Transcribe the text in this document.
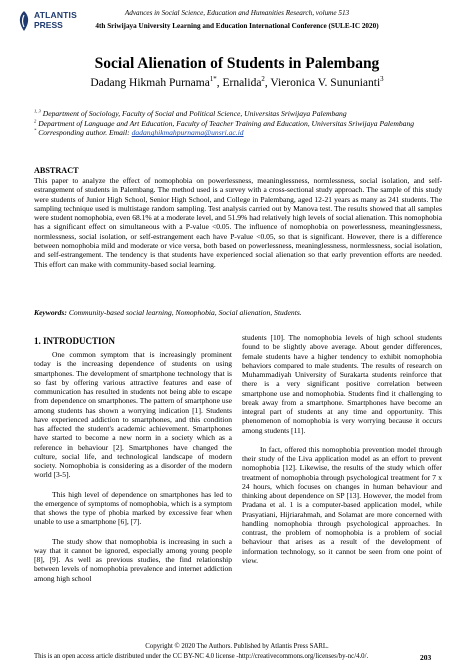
ATLANTIS
PRESS
Advances in Social Science, Education and Humanities Research, volume 513
4th Sriwijaya University Learning and Education International Conference (SULE-IC 2020)
Social Alienation of Students in Palembang
Dadang Hikmah Purnama$^{1*}$, Ernalida$^2$, Vieronica V. Sununianti$^3$
$^{1, 3}$ Department of Sociology, Faculty of Social and Political Science, Universitas Sriwijaya Palembang
$^2$ Department of Language and Art Education, Faculty of Teacher Training and Education, Universitas Sriwijaya Palembang
* Corresponding author. Email: dadanghikmahpurnama@unsri.ac.id
ABSTRACT

This paper to analyze the effect of nomophobia on powerlessness, meaninglessness, normlessness, social isolation, and self-estrangement of students in Palembang. The method used is a survey with a cross-sectional study approach. The sample of this study were students of Junior High School, Senior High School, and College in Palembang, aged 12-21 years as many as 241 students. The sampling technique used is multistage random sampling. Test analysis carried out by Manova test. The results showed that all samples were student nomophobia, even 68.1% at a moderate level, and 51.9% had relatively high levels of social alienation. This nomophobia has a significant effect on simultaneous with a P-value <0.05. The influence of nomophobia on powerlessness, meaninglessness, normlessness, social isolation, or self-estrangement each have P-value <0.05, so that is significant. However, there is a difference between nomophobia mild and moderate or vice versa, both based on powerlessness, meaninglessness, normlessness, social isolation, and self-estrangement. The tendency is that students have experienced social alienation so that early prevention efforts are needed. This effort can make with community-based social learning.

Keywords: Community-based social learning, Nomophobia, Social alienation, Students.
1. INTRODUCTION

One common symptom that is increasingly prominent today is the increasing dependence of students on using smartphones. The development of smartphone technology that is so fast by offering various attractive features and ease of communication has resulted in students not being able to escape from dependence on smartphones. The pattern of smartphone use among students has shown a worrying indication [1]. Students have experienced addiction to smartphones, and this condition has affected the student's academic achievement. Smartphones have started to become a new norm in a society which as a reference in behaviour [2]. Smartphones have changed the culture, social life, and technological landscape of modern society. Nomophobia is considering as a disorder of the modern world [3-5].

This high level of dependence on smartphones has led to the emergence of symptoms of nomophobia, which is a symptom that shows the type of phobia marked by excessive fear when unable to use a smartphone [6], [7].

The study show that nomophobia is increasing in such a way that it cannot be ignored, especially among young people [8], [9]. As well as previous studies, the find relationship between levels of nomophobia prevalence and internet addiction among high school

students [10]. The nomophobia levels of high school students found to be slightly above average. About gender differences, female students have a higher tendency to exhibit nomophobia behaviors compared to male students. The results of research on Muhammadiyah University of Surakarta students reinforce that there is a very significant positive correlation between smartphone use and nomophobia. Students find it challenging to break away from a smartphone. Smartphones have become an integral part of students at any time and opportunity. This phenomenon of nomophobia is very worrying because it occurs among students [11].

In fact, offered this nomophobia prevention model through their study of the Liva application model as an effort to prevent nomophobia [12]. Likewise, the results of the study which offer treatment of nomophobia through psychological treatment for 7 x 24 hours, which focuses on changes in human behaviour and thinking about dependence on SP [13]. However, the model from Pradana et al. 1 is a computer-based application model, while Prasyatiani, Hijriarahmah, and Solamat are more concerned with handling nomophobia through psychological approaches. In contrast, the problem of nomophobia is a problem of social behaviour that arises as a result of the development of information technology, so it cannot be seen from one point of view.

Copyright © 2020 The Authors. Published by Atlantis Press SARL.
This is an open access article distributed under the CC BY-NC 4.0 license -http://creativecommons.org/licenses/by-nc/4.0/.	203
